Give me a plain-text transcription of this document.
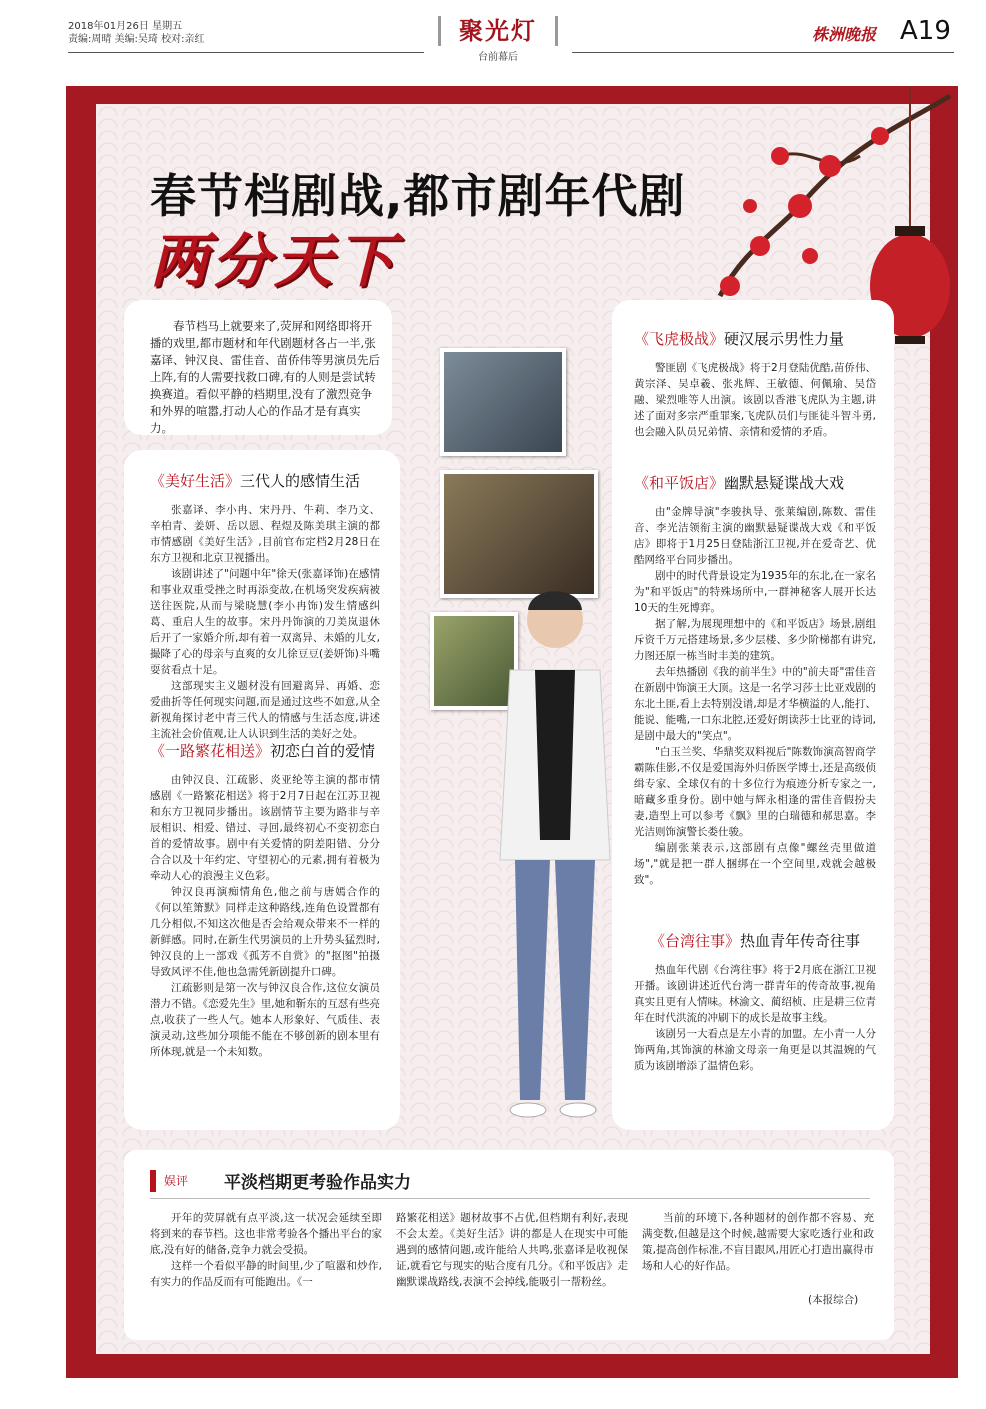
2018年01月26日 星期五
责编:周晴 美编:吴琦 校对:亲红	聚光灯
台前幕后
株洲晚报 A19
春节档剧战,都市剧年代剧
两分天下
春节档马上就要来了,荧屏和网络即将开播的戏里,都市题材和年代剧题材各占一半,张嘉译、钟汉良、雷佳音、苗侨伟等男演员先后上阵,有的人需要找救口碑,有的人则是尝试转换赛道。看似平静的档期里,没有了激烈竞争和外界的喧嚣,打动人心的作品才是有真实力。
《美好生活》三代人的感情生活

张嘉译、李小冉、宋丹丹、牛莉、李乃文、辛柏青、姜妍、岳以恩、程煜及陈美琪主演的都市情感剧《美好生活》,目前官布定档2月28日在东方卫视和北京卫视播出。

该剧讲述了"问题中年"徐天(张嘉译饰)在感情和事业双重受挫之时再添变故,在机场突发疾病被送往医院,从而与梁晓慧(李小冉饰)发生情感纠葛、重启人生的故事。宋丹丹饰演的刀美岚退休后开了一家婚介所,却有着一双离异、未婚的儿女,撮降了心的母亲与直爽的女儿徐豆豆(姜妍饰)斗嘴耍贫看点十足。

这部现实主义题材没有回避离异、再婚、恋爱曲折等任何现实问题,而是通过这些不如意,从全新视角探讨老中青三代人的情感与生活态度,讲述主流社会价值观,让人认识到生活的美好之处。

《一路繁花相送》初恋白首的爱情

由钟汉良、江疏影、炎亚纶等主演的都市情感剧《一路繁花相送》将于2月7日起在江苏卫视和东方卫视同步播出。该剧情节主要为路非与辛辰相识、相爱、错过、寻回,最终初心不变初恋白首的爱情故事。剧中有关爱情的阴差阳错、分分合合以及十年约定、守望初心的元素,拥有着极为牵动人心的浪漫主义色彩。

钟汉良再演痴情角色,他之前与唐嫣合作的《何以笙箫默》同样走这种路线,连角色设置都有几分相似,不知这次他是否会给观众带来不一样的新鲜感。同时,在新生代男演员的上升势头猛烈时,钟汉良的上一部戏《孤芳不自赏》的"抠图"拍摄导致风评不佳,他也急需凭新剧提升口碑。

江疏影则是第一次与钟汉良合作,这位女演员潜力不错。《恋爱先生》里,她和靳东的互怼有些亮点,收获了一些人气。她本人形象好、气质佳、表演灵动,这些加分项能不能在不够创新的剧本里有所体现,就是一个未知数。

《飞虎极战》硬汉展示男性力量

警匪剧《飞虎极战》将于2月登陆优酷,苗侨伟、黄宗泽、吴卓羲、张兆辉、王敏德、何佩瑜、吴岱融、梁烈唯等人出演。该剧以香港飞虎队为主题,讲述了面对多宗严重罪案,飞虎队员们与匪徒斗智斗勇,也会融入队员兄弟情、亲情和爱情的矛盾。

《和平饭店》幽默悬疑谍战大戏

由"金牌导演"李骏执导、张莱编剧,陈数、雷佳音、李光洁领衔主演的幽默悬疑谍战大戏《和平饭店》即将于1月25日登陆浙江卫视,并在爱奇艺、优酷网络平台同步播出。

剧中的时代背景设定为1935年的东北,在一家名为"和平饭店"的特殊场所中,一群神秘客人展开长达10天的生死博弈。

据了解,为展现理想中的《和平饭店》场景,剧组斥资千万元搭建场景,多少层楼、多少阶梯都有讲究,力图还原一栋当时丰美的建筑。

去年热播剧《我的前半生》中的"前夫哥"雷佳音在新剧中饰演王大顶。这是一名学习莎士比亚戏剧的东北土匪,看上去特别没谱,却是才华横溢的人,能打、能说、能嘴,一口东北腔,还爱好朗读莎士比亚的诗词,是剧中最大的"笑点"。

"白玉兰奖、华鼎奖双料视后"陈数饰演高智商学霸陈佳影,不仅是爱国海外归侨医学博士,还是高级侦缉专家、全球仅有的十多位行为痕迹分析专家之一,暗藏多重身份。剧中她与辉永相逢的雷佳音假扮夫妻,造型上可以参考《飘》里的白瑞德和郝思嘉。李光洁则饰演警长娄仕骏。

编剧张莱表示,这部剧有点像"螺丝壳里做道场","就是把一群人捆绑在一个空间里,戏就会越极致"。

《台湾往事》热血青年传奇往事

热血年代剧《台湾往事》将于2月底在浙江卫视开播。该剧讲述近代台湾一群青年的传奇故事,视角真实且更有人情味。林渝文、蔺绍桢、庄是耕三位青年在时代洪流的冲刷下的成长是故事主线。

该剧另一大看点是左小青的加盟。左小青一人分饰两角,其饰演的林渝文母亲一角更是以其温婉的气质为该剧增添了温情色彩。

娱评	平淡档期更考验作品实力

开年的荧屏就有点平淡,这一状况会延续至即将到来的春节档。这也非常考验各个播出平台的家底,没有好的储备,竞争力就会受损。

这样一个看似平静的时间里,少了喧嚣和炒作,有实力的作品反而有可能跑出。《一

路繁花相送》题材故事不占优,但档期有利好,表现不会太差。《美好生活》讲的都是人在现实中可能遇到的感情问题,或许能给人共鸣,张嘉译是收视保证,就看它与现实的贴合度有几分。《和平饭店》走幽默谍战路线,表演不会掉线,能吸引一帮粉丝。

当前的环境下,各种题材的创作都不容易、充满变数,但越是这个时候,越需要大家吃透行业和政策,提高创作标准,不盲目跟风,用匠心打造出赢得市场和人心的好作品。

(本报综合)
